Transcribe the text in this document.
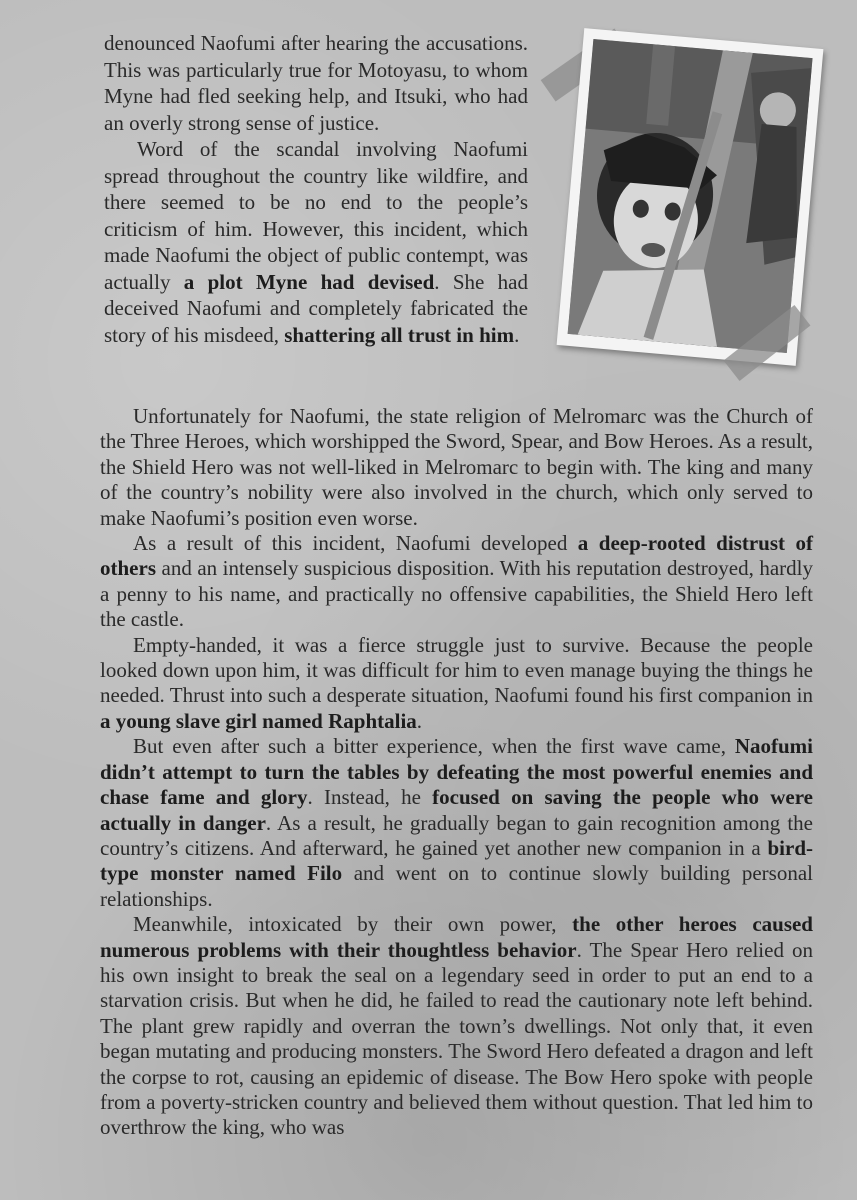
denounced Naofumi after hearing the accusations. This was particularly true for Motoyasu, to whom Myne had fled seeking help, and Itsuki, who had an overly strong sense of justice.

Word of the scandal involving Naofumi spread throughout the country like wildfire, and there seemed to be no end to the people’s criticism of him. However, this incident, which made Naofumi the object of public contempt, was actually a plot Myne had devised. She had deceived Naofumi and completely fabricated the story of his misdeed, shattering all trust in him.

Unfortunately for Naofumi, the state religion of Melromarc was the Church of the Three Heroes, which worshipped the Sword, Spear, and Bow Heroes. As a result, the Shield Hero was not well-liked in Melromarc to begin with. The king and many of the country’s nobility were also involved in the church, which only served to make Naofumi’s position even worse.

As a result of this incident, Naofumi developed a deep-rooted distrust of others and an intensely suspicious disposition. With his reputation destroyed, hardly a penny to his name, and practically no offensive capabilities, the Shield Hero left the castle.

Empty-handed, it was a fierce struggle just to survive. Because the people looked down upon him, it was difficult for him to even manage buying the things he needed. Thrust into such a desperate situation, Naofumi found his first companion in a young slave girl named Raphtalia.

But even after such a bitter experience, when the first wave came, Naofumi didn’t attempt to turn the tables by defeating the most powerful enemies and chase fame and glory. Instead, he focused on saving the people who were actually in danger. As a result, he gradually began to gain recognition among the country’s citizens. And afterward, he gained yet another new companion in a bird-type monster named Filo and went on to continue slowly building personal relationships.

Meanwhile, intoxicated by their own power, the other heroes caused numerous problems with their thoughtless behavior. The Spear Hero relied on his own insight to break the seal on a legendary seed in order to put an end to a starvation crisis. But when he did, he failed to read the cautionary note left behind. The plant grew rapidly and overran the town’s dwellings. Not only that, it even began mutating and producing monsters. The Sword Hero defeated a dragon and left the corpse to rot, causing an epidemic of disease. The Bow Hero spoke with people from a poverty-stricken country and believed them without question. That led him to overthrow the king, who was
